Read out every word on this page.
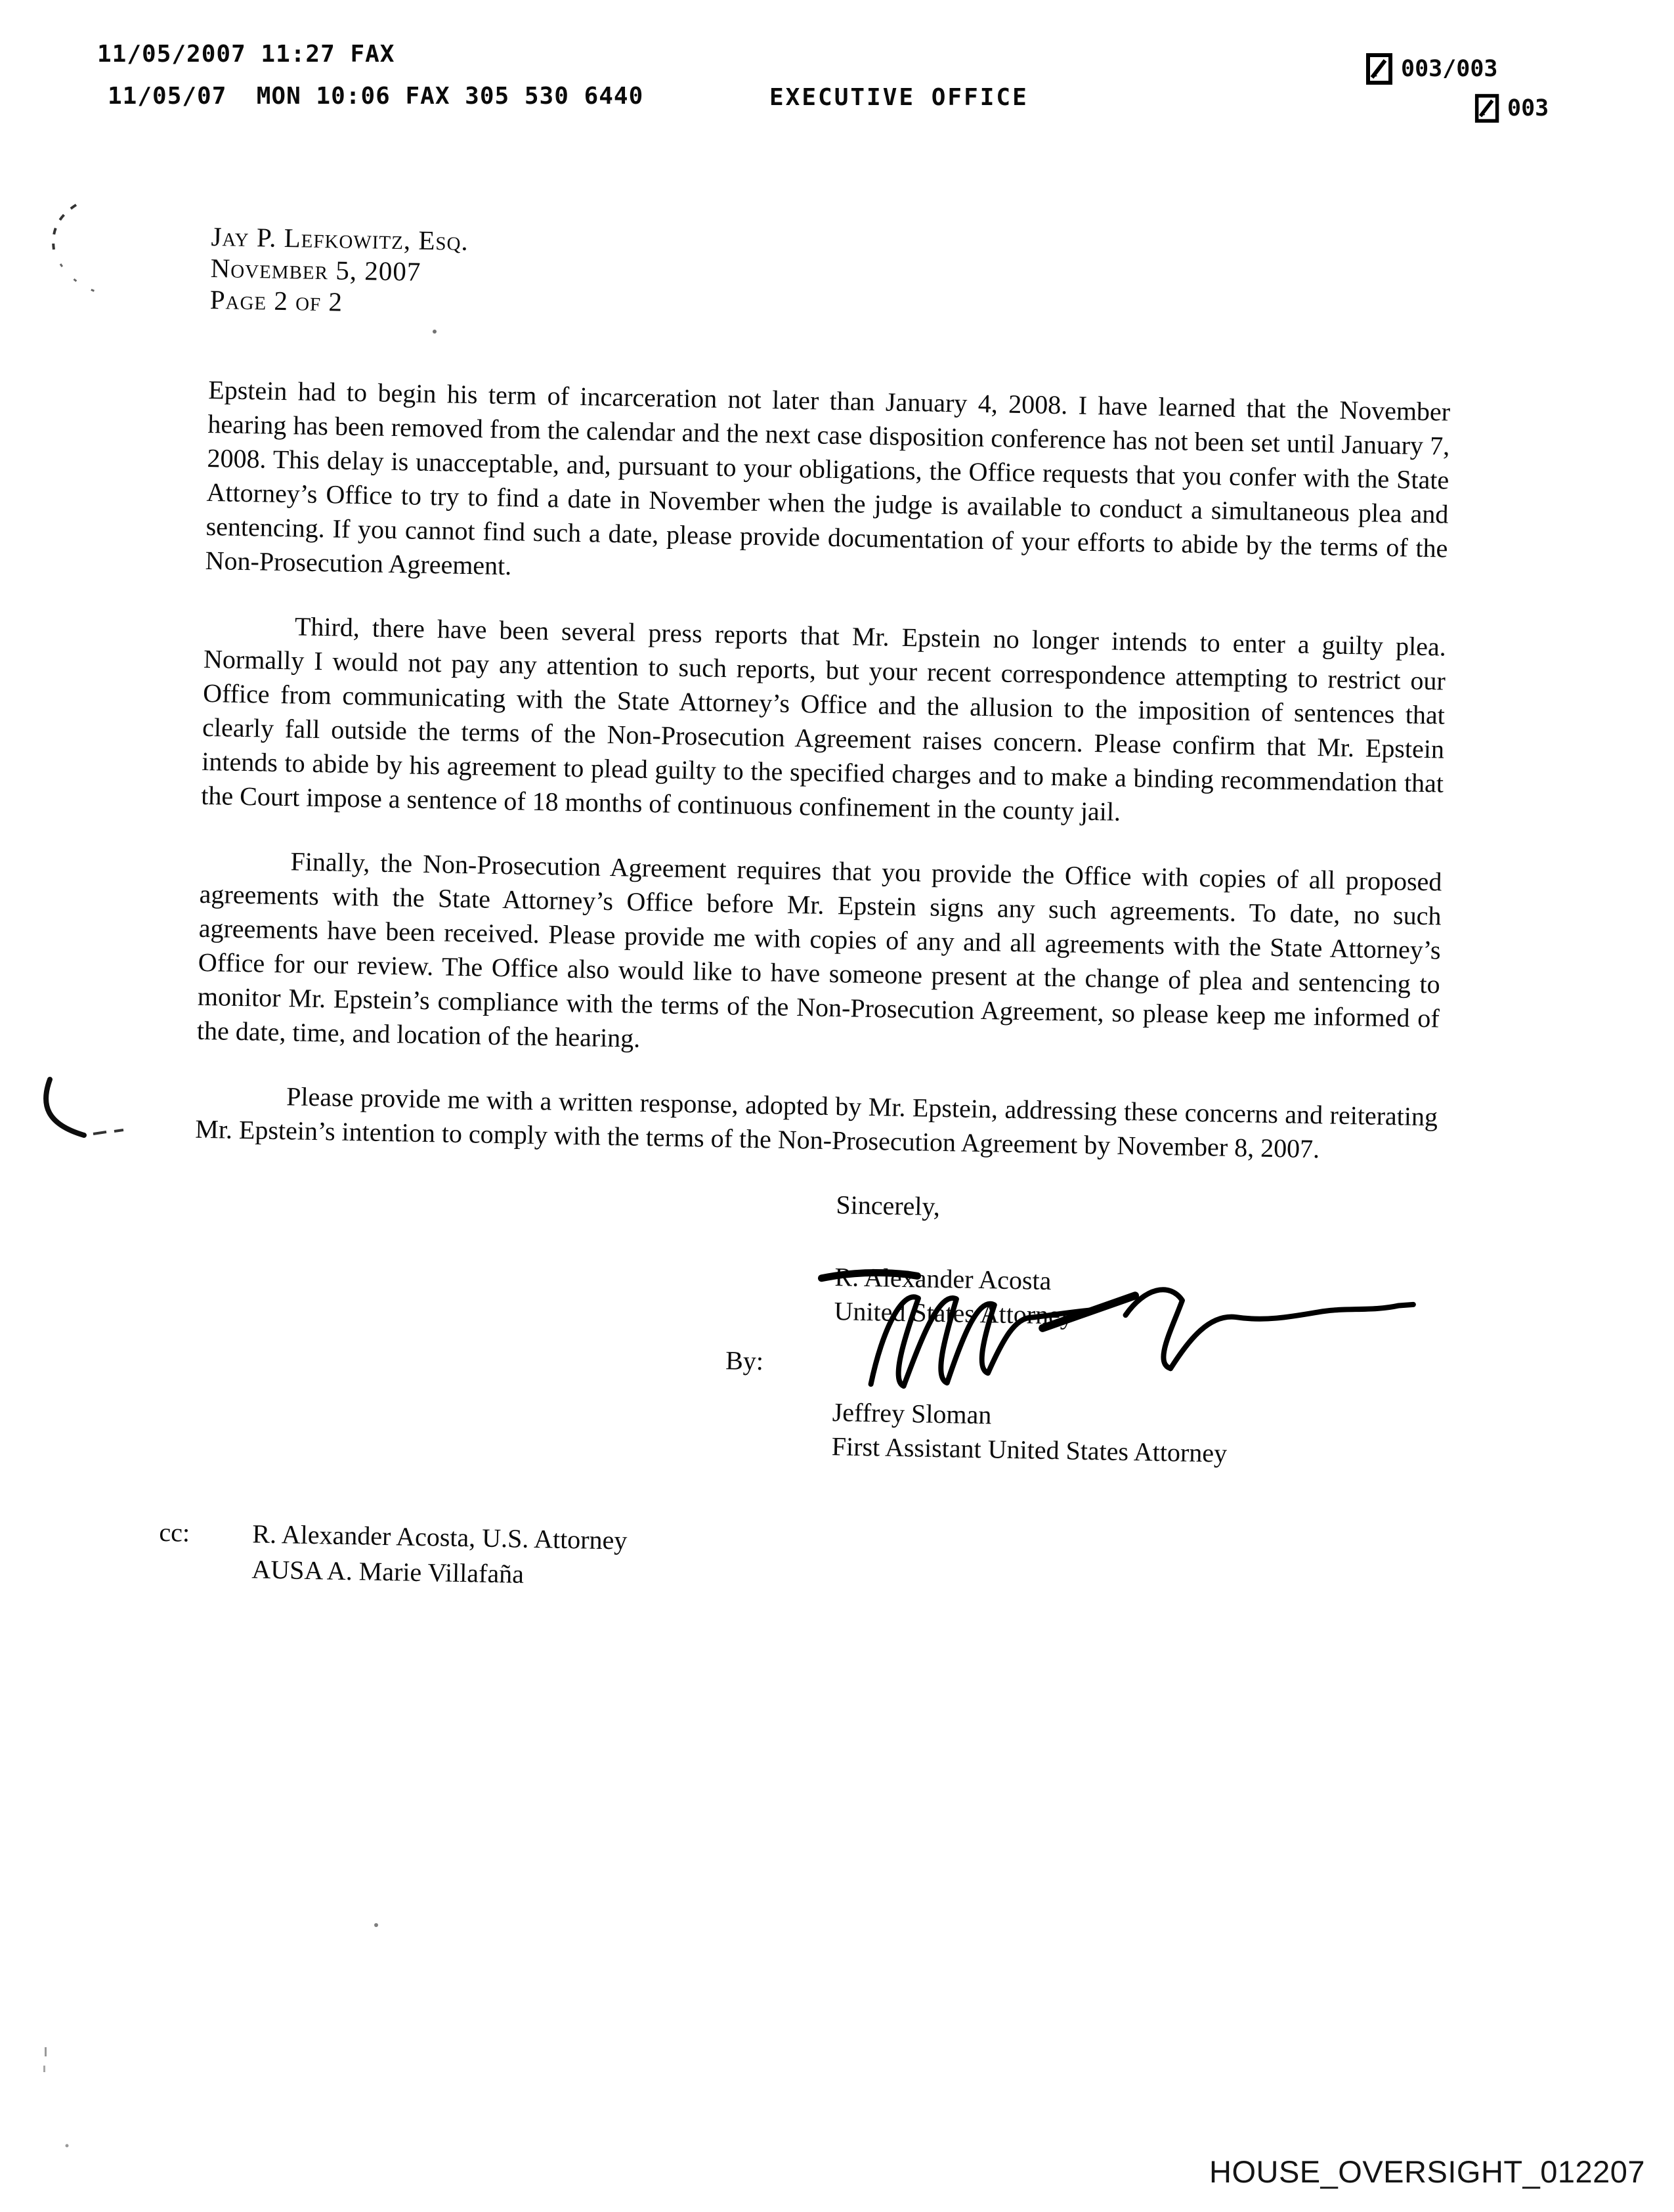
11/05/2007 11:27 FAX
11/05/07  MON 10:06 FAX 305 530 6440	EXECUTIVE OFFICE
003/003
003
Jay P. Lefkowitz, Esq.
November 5, 2007
Page 2 of 2

Epstein had to begin his term of incarceration not later than January 4, 2008. I have learned that the November hearing has been removed from the calendar and the next case disposition conference has not been set until January 7, 2008. This delay is unacceptable, and, pursuant to your obligations, the Office requests that you confer with the State Attorney’s Office to try to find a date in November when the judge is available to conduct a simultaneous plea and sentencing. If you cannot find such a date, please provide documentation of your efforts to abide by the terms of the Non-Prosecution Agreement.

Third, there have been several press reports that Mr. Epstein no longer intends to enter a guilty plea. Normally I would not pay any attention to such reports, but your recent correspondence attempting to restrict our Office from communicating with the State Attorney’s Office and the allusion to the imposition of sentences that clearly fall outside the terms of the Non-Prosecution Agreement raises concern. Please confirm that Mr. Epstein intends to abide by his agreement to plead guilty to the specified charges and to make a binding recommendation that the Court impose a sentence of 18 months of continuous confinement in the county jail.

Finally, the Non-Prosecution Agreement requires that you provide the Office with copies of all proposed agreements with the State Attorney’s Office before Mr. Epstein signs any such agreements. To date, no such agreements have been received. Please provide me with copies of any and all agreements with the State Attorney’s Office for our review. The Office also would like to have someone present at the change of plea and sentencing to monitor Mr. Epstein’s compliance with the terms of the Non-Prosecution Agreement, so please keep me informed of the date, time, and location of the hearing.

Please provide me with a written response, adopted by Mr. Epstein, addressing these concerns and reiterating Mr. Epstein’s intention to comply with the terms of the Non-Prosecution Agreement by November 8, 2007.

Sincerely,
R. Alexander Acosta
United States Attorney
By:
Jeffrey Sloman
First Assistant United States Attorney
cc:	R. Alexander Acosta, U.S. Attorney
AUSA A. Marie Villafaña
HOUSE_OVERSIGHT_012207
